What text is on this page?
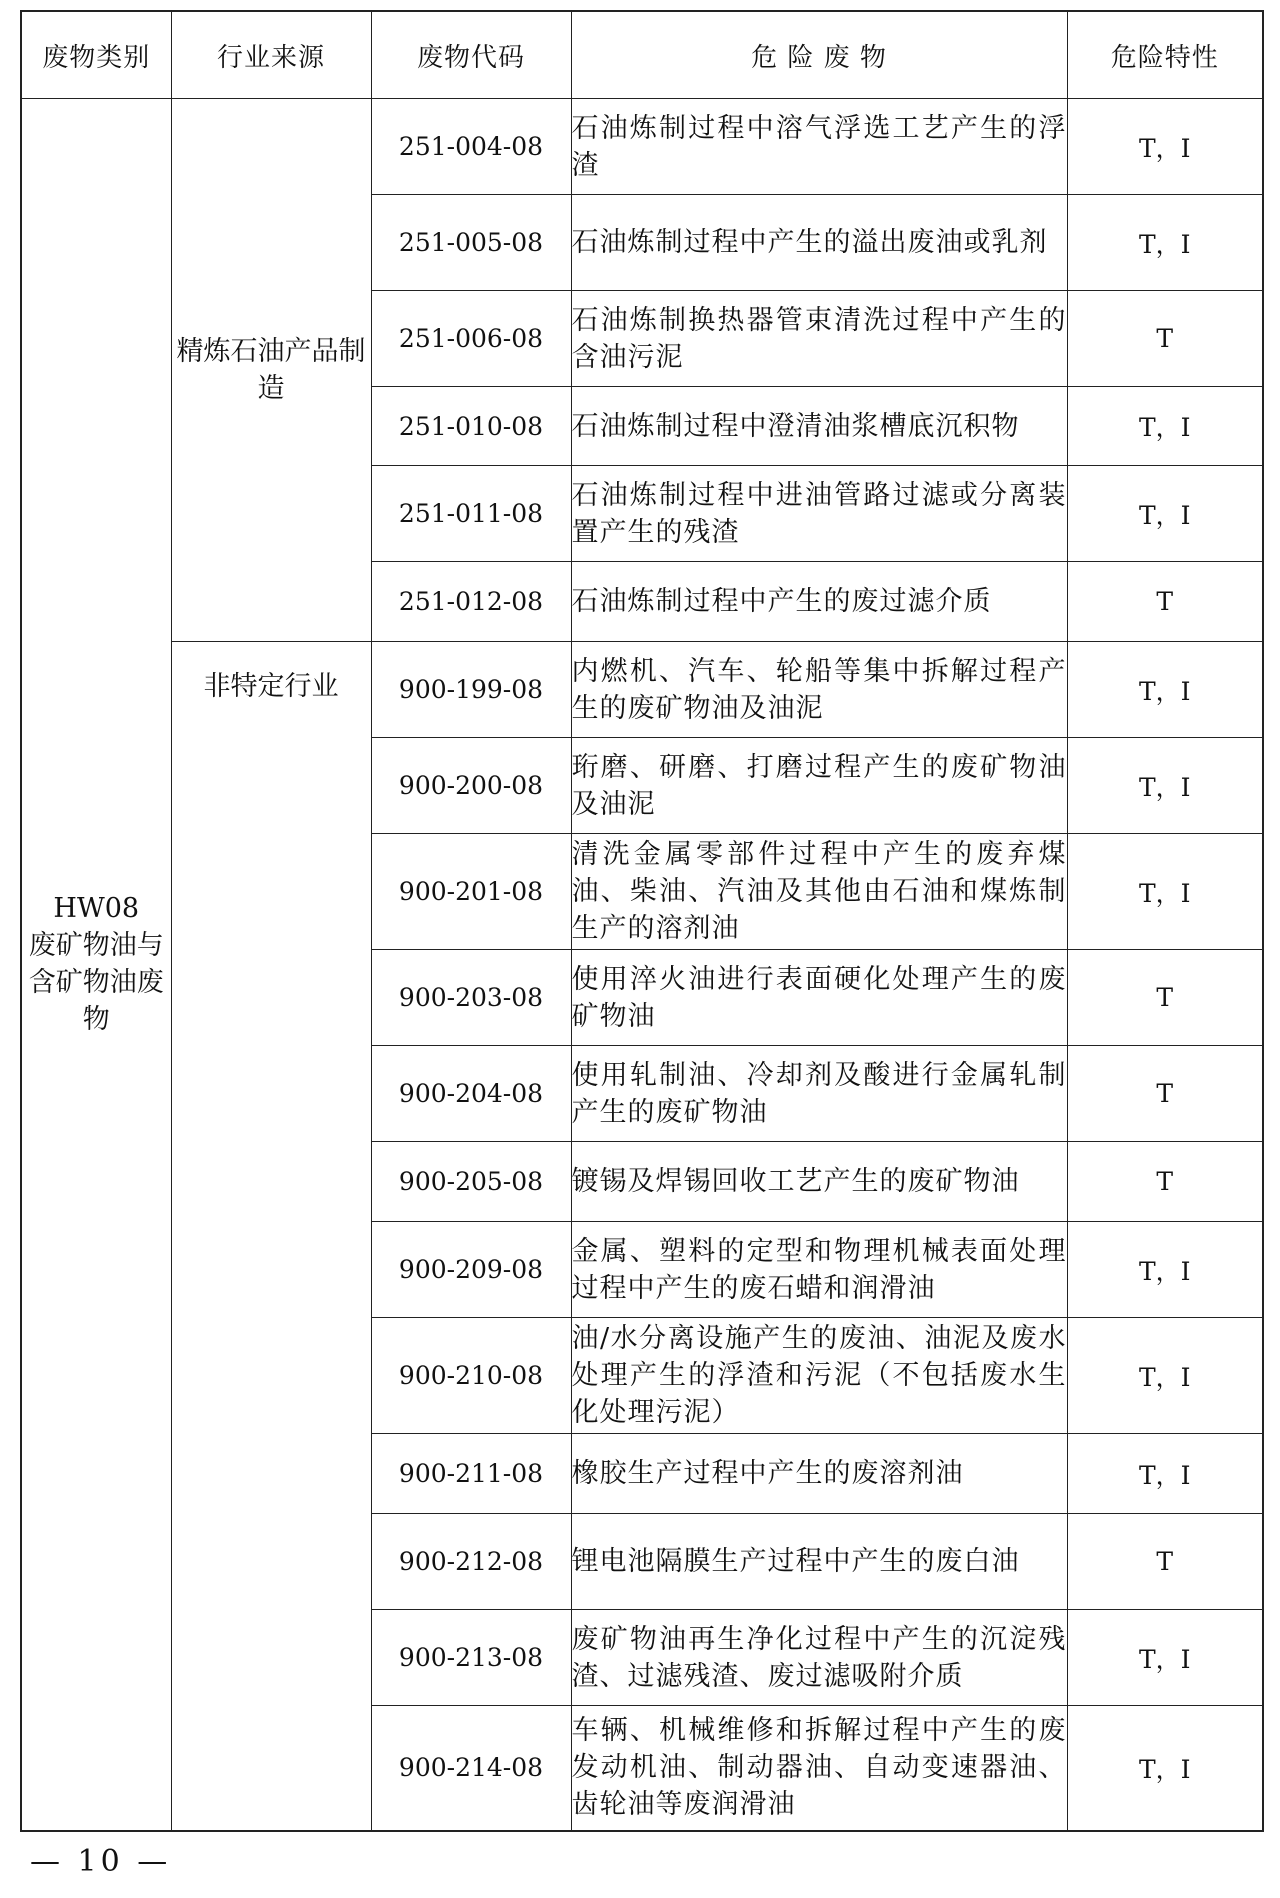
废物类别	行业来源	废物代码	危 险 废 物	危险特性

HW08
废矿物油与含矿物油废物	精炼石油产品制造	251-004-08	石油炼制过程中溶气浮选工艺产生的浮渣	T，I
		251-005-08	石油炼制过程中产生的溢出废油或乳剂	T，I
		251-006-08	石油炼制换热器管束清洗过程中产生的含油污泥	T
		251-010-08	石油炼制过程中澄清油浆槽底沉积物	T，I
		251-011-08	石油炼制过程中进油管路过滤或分离装置产生的残渣	T，I
		251-012-08	石油炼制过程中产生的废过滤介质	T
	非特定行业	900-199-08	内燃机、汽车、轮船等集中拆解过程产生的废矿物油及油泥	T，I
		900-200-08	珩磨、研磨、打磨过程产生的废矿物油及油泥	T，I
		900-201-08	清洗金属零部件过程中产生的废弃煤油、柴油、汽油及其他由石油和煤炼制生产的溶剂油	T，I
		900-203-08	使用淬火油进行表面硬化处理产生的废矿物油	T
		900-204-08	使用轧制油、冷却剂及酸进行金属轧制产生的废矿物油	T
		900-205-08	镀锡及焊锡回收工艺产生的废矿物油	T
		900-209-08	金属、塑料的定型和物理机械表面处理过程中产生的废石蜡和润滑油	T，I
		900-210-08	油/水分离设施产生的废油、油泥及废水处理产生的浮渣和污泥（不包括废水生化处理污泥）	T，I
		900-211-08	橡胶生产过程中产生的废溶剂油	T，I
		900-212-08	锂电池隔膜生产过程中产生的废白油	T
		900-213-08	废矿物油再生净化过程中产生的沉淀残渣、过滤残渣、废过滤吸附介质	T，I
		900-214-08	车辆、机械维修和拆解过程中产生的废发动机油、制动器油、自动变速器油、齿轮油等废润滑油	T，I
— 10 —
